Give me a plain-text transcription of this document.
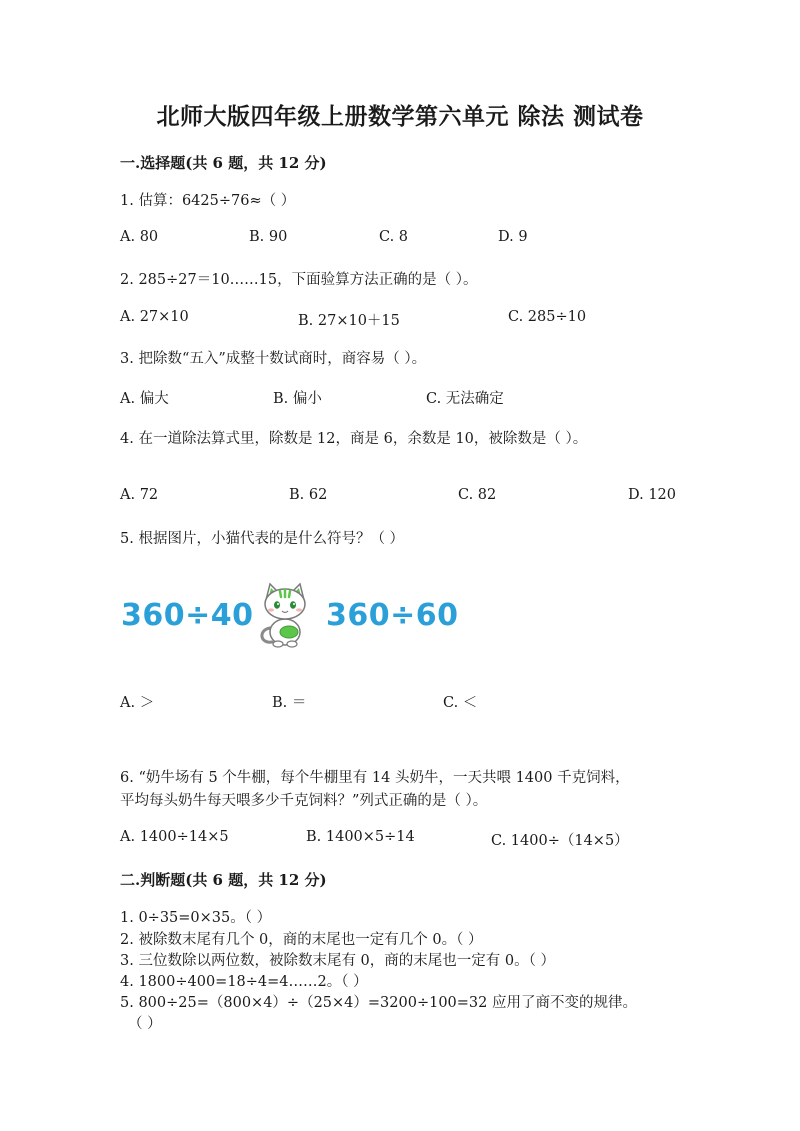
北师大版四年级上册数学第六单元 除法 测试卷
一.选择题(共 6 题，共 12 分)
1. 估算：6425÷76≈（ ）
A. 80	B. 90	C. 8	D. 9
2. 285÷27＝10……15，下面验算方法正确的是（ ）。
A. 27×10	B. 27×10＋15	C. 285÷10
3. 把除数“五入”成整十数试商时，商容易（ ）。
A. 偏大	B. 偏小	C. 无法确定
4. 在一道除法算式里，除数是 12，商是 6，余数是 10，被除数是（ ）。
A. 72	B. 62	C. 82	D. 120
5. 根据图片，小猫代表的是什么符号？（ ）
360÷40 360÷60
A. ＞	B. ＝	C. ＜
6. “奶牛场有 5 个牛棚，每个牛棚里有 14 头奶牛，一天共喂 1400 千克饲料，
平均每头奶牛每天喂多少千克饲料？”列式正确的是（ ）。
A. 1400÷14×5	B. 1400×5÷14	C. 1400÷（14×5）
二.判断题(共 6 题，共 12 分)
1. 0÷35=0×35。（ ）
2. 被除数末尾有几个 0，商的末尾也一定有几个 0。（ ）
3. 三位数除以两位数，被除数末尾有 0，商的末尾也一定有 0。（ ）
4. 1800÷400=18÷4=4……2。（ ）
5. 800÷25=（800×4）÷（25×4）=3200÷100=32 应用了商不变的规律。
（ ）
